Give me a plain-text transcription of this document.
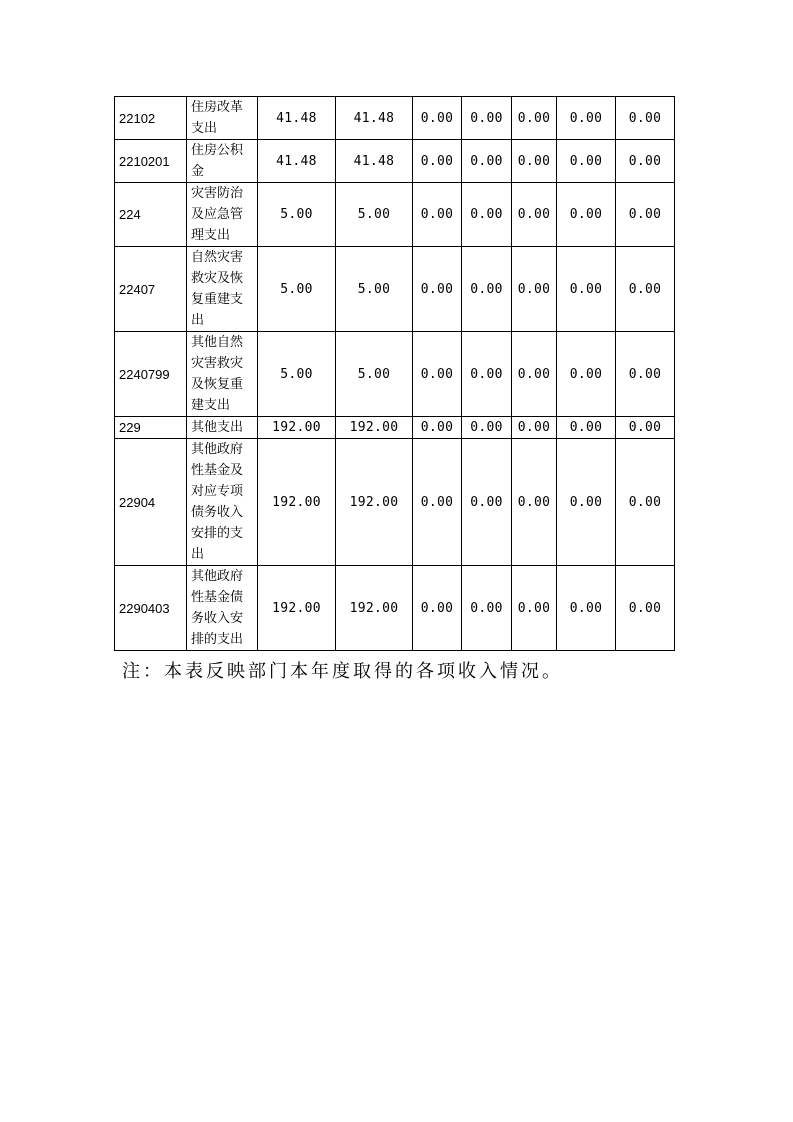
22102	住房改革支出	41.48	41.48	0.00	0.00	0.00	0.00	0.00
2210201	住房公积金	41.48	41.48	0.00	0.00	0.00	0.00	0.00
224	灾害防治及应急管理支出	5.00	5.00	0.00	0.00	0.00	0.00	0.00
22407	自然灾害救灾及恢复重建支出	5.00	5.00	0.00	0.00	0.00	0.00	0.00
2240799	其他自然灾害救灾及恢复重建支出	5.00	5.00	0.00	0.00	0.00	0.00	0.00
229	其他支出	192.00	192.00	0.00	0.00	0.00	0.00	0.00
22904	其他政府性基金及对应专项债务收入安排的支出	192.00	192.00	0.00	0.00	0.00	0.00	0.00
2290403	其他政府性基金债务收入安排的支出	192.00	192.00	0.00	0.00	0.00	0.00	0.00
注：本表反映部门本年度取得的各项收入情况。
